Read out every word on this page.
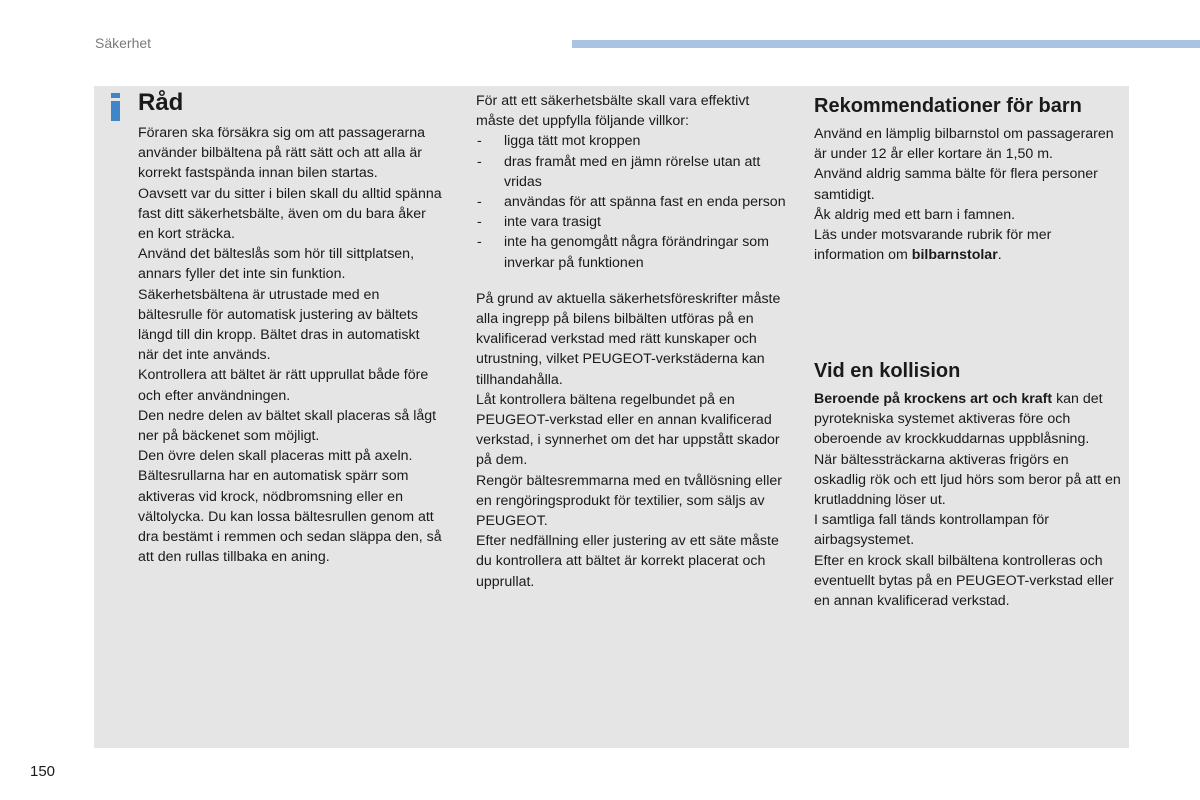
Säkerhet
Råd

Föraren ska försäkra sig om att passagerarna använder bilbältena på rätt sätt och att alla är korrekt fastspända innan bilen startas.

Oavsett var du sitter i bilen skall du alltid spänna fast ditt säkerhetsbälte, även om du bara åker en kort sträcka.

Använd det bälteslås som hör till sittplatsen, annars fyller det inte sin funktion.

Säkerhetsbältena är utrustade med en bältesrulle för automatisk justering av bältets längd till din kropp. Bältet dras in automatiskt när det inte används.

Kontrollera att bältet är rätt upprullat både före och efter användningen.

Den nedre delen av bältet skall placeras så lågt ner på bäckenet som möjligt.

Den övre delen skall placeras mitt på axeln.

Bältesrullarna har en automatisk spärr som aktiveras vid krock, nödbromsning eller en vältolycka. Du kan lossa bältesrullen genom att dra bestämt i remmen och sedan släppa den, så att den rullas tillbaka en aning.

För att ett säkerhetsbälte skall vara effektivt måste det uppfylla följande villkor:

- ligga tätt mot kroppen
- dras framåt med en jämn rörelse utan att vridas
- användas för att spänna fast en enda person
- inte vara trasigt
- inte ha genomgått några förändringar som inverkar på funktionen

På grund av aktuella säkerhetsföreskrifter måste alla ingrepp på bilens bilbälten utföras på en kvalificerad verkstad med rätt kunskaper och utrustning, vilket PEUGEOT-verkstäderna kan tillhandahålla.

Låt kontrollera bältena regelbundet på en PEUGEOT-verkstad eller en annan kvalificerad verkstad, i synnerhet om det har uppstått skador på dem.

Rengör bältesremmarna med en tvållösning eller en rengöringsprodukt för textilier, som säljs av PEUGEOT.

Efter nedfällning eller justering av ett säte måste du kontrollera att bältet är korrekt placerat och upprullat.

Rekommendationer för barn

Använd en lämplig bilbarnstol om passageraren är under 12 år eller kortare än 1,50 m.

Använd aldrig samma bälte för flera personer samtidigt.

Åk aldrig med ett barn i famnen.

Läs under motsvarande rubrik för mer information om bilbarnstolar.

Vid en kollision

Beroende på krockens art och kraft kan det pyrotekniska systemet aktiveras före och oberoende av krockkuddarnas uppblåsning.

När bältessträckarna aktiveras frigörs en oskadlig rök och ett ljud hörs som beror på att en krutladdning löser ut.

I samtliga fall tänds kontrollampan för airbagsystemet.

Efter en krock skall bilbältena kontrolleras och eventuellt bytas på en PEUGEOT-verkstad eller en annan kvalificerad verkstad.

150
